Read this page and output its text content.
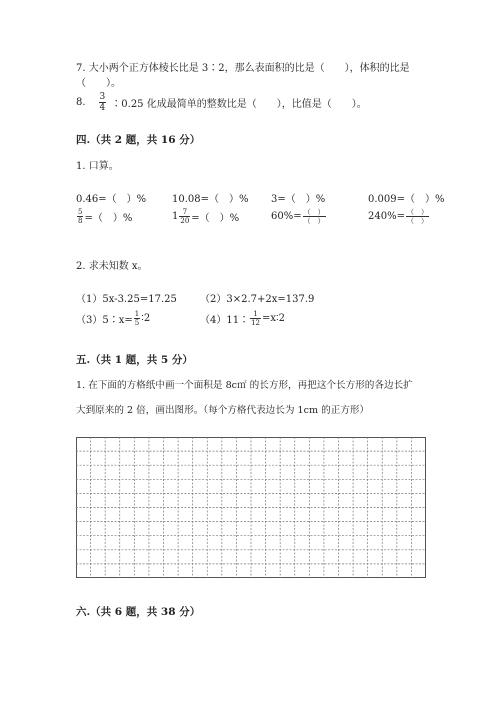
7. 大小两个正方体棱长比是 3∶2，那么表面积的比是（　　），体积的比是
（　　）。
8. $\frac{3}{4}$ ∶0.25 化成最简单的整数比是（　　），比值是（　　）。
四.（共 2 题，共 16 分）
1. 口算。
0.46=（　）%	10.08=（　）% 3=（　）%	0.009=（　）%
$\frac{5}{8}$ =（　）%	$1 \frac{7}{20}$ =（　）%	$60\%= \frac{( )}{( )}$	$240\%= \frac{( )}{( )}$
2. 求未知数 x。
（1）5x-3.25=17.25 （2）3×2.7+2x=137.9
（3）5∶x= $\frac{1}{5}$ ∶2	（4）11∶ $\frac{1}{12}$ =x∶2
五.（共 1 题，共 5 分）
1. 在下面的方格纸中画一个面积是 8c㎡ 的长方形，再把这个长方形的各边长扩
大到原来的 2 倍，画出图形。（每个方格代表边长为 1cm 的正方形）
六.（共 6 题，共 38 分）
